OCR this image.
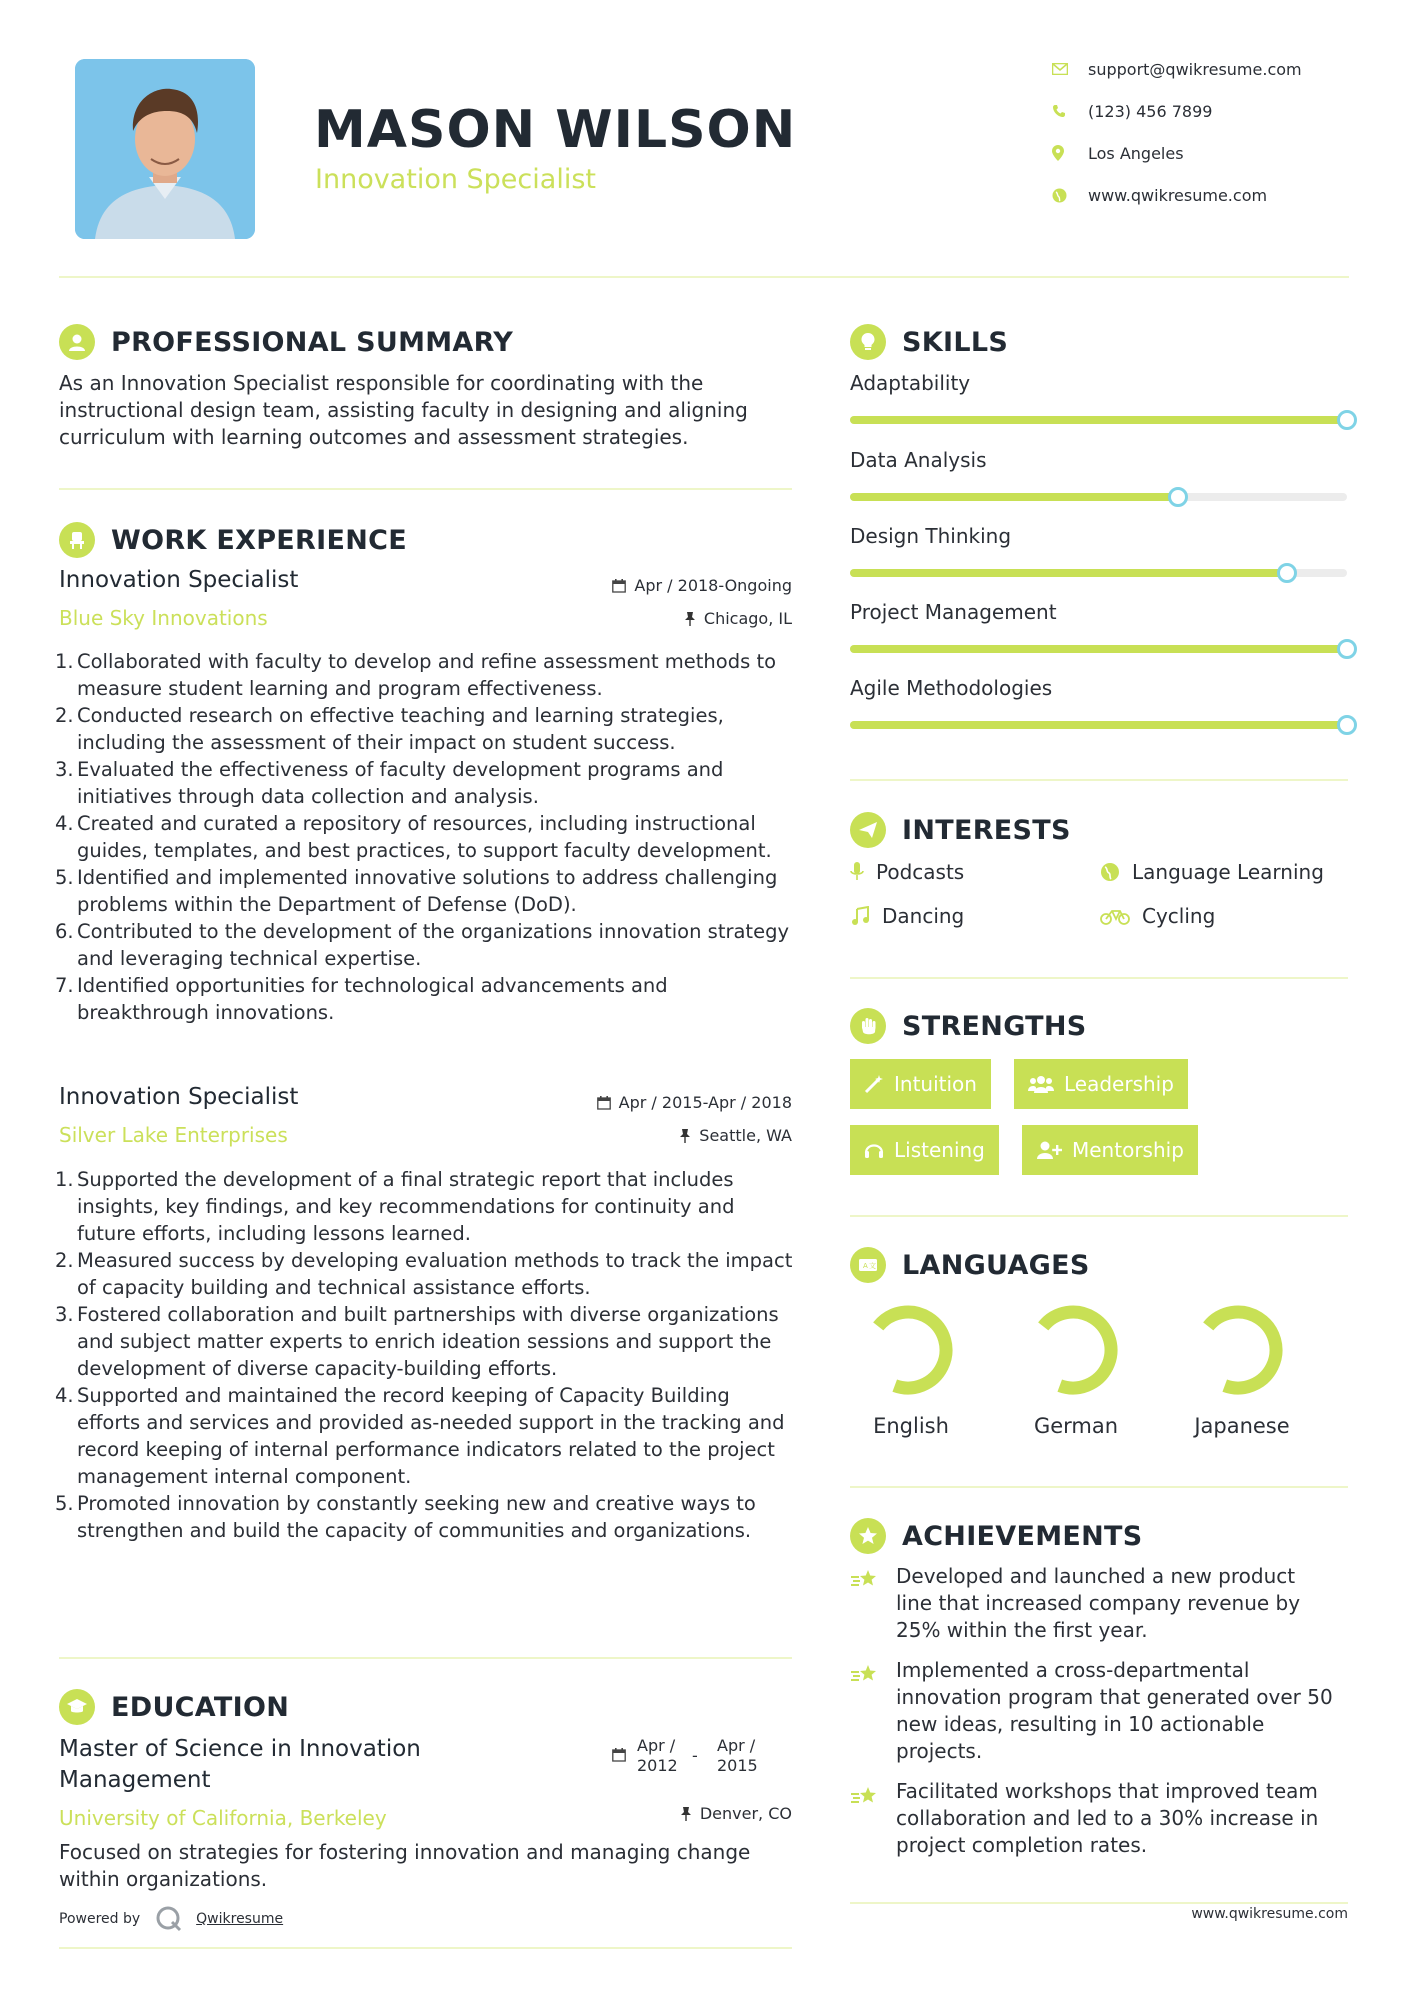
MASON WILSON
Innovation Specialist
support@qwikresume.com
(123) 456 7899
Los Angeles
www.qwikresume.com
PROFESSIONAL SUMMARY
As an Innovation Specialist responsible for coordinating with the instructional design team, assisting faculty in designing and aligning curriculum with learning outcomes and assessment strategies.
WORK EXPERIENCE
Innovation Specialist
Blue Sky Innovations
Apr / 2018-Ongoing
Chicago, IL
Collaborated with faculty to develop and refine assessment methods to measure student learning and program effectiveness.
Conducted research on effective teaching and learning strategies, including the assessment of their impact on student success.
Evaluated the effectiveness of faculty development programs and initiatives through data collection and analysis.
Created and curated a repository of resources, including instructional guides, templates, and best practices, to support faculty development.
Identified and implemented innovative solutions to address challenging problems within the Department of Defense (DoD).
Contributed to the development of the organizations innovation strategy and leveraging technical expertise.
Identified opportunities for technological advancements and breakthrough innovations.
Innovation Specialist
Silver Lake Enterprises
Apr / 2015-Apr / 2018
Seattle, WA
Supported the development of a final strategic report that includes insights, key findings, and key recommendations for continuity and future efforts, including lessons learned.
Measured success by developing evaluation methods to track the impact of capacity building and technical assistance efforts.
Fostered collaboration and built partnerships with diverse organizations and subject matter experts to enrich ideation sessions and support the development of diverse capacity-building efforts.
Supported and maintained the record keeping of Capacity Building efforts and services and provided as-needed support in the tracking and record keeping of internal performance indicators related to the project management internal component.
Promoted innovation by constantly seeking new and creative ways to strengthen and build the capacity of communities and organizations.
EDUCATION
Master of Science in Innovation Management
University of California, Berkeley
Apr /
2012
-
Apr /
2015
Denver, CO
Focused on strategies for fostering innovation and managing change within organizations.
Powered by	Qwikresume
SKILLS
Adaptability
Data Analysis
Design Thinking
Project Management
Agile Methodologies
INTERESTS
Podcasts	Language Learning
Dancing	Cycling
STRENGTHS
Intuition	Leadership
Listening	Mentorship
A 文 LANGUAGES
English	German	Japanese
ACHIEVEMENTS
Developed and launched a new product line that increased company revenue by 25% within the first year.
Implemented a cross-departmental innovation program that generated over 50 new ideas, resulting in 10 actionable projects.
Facilitated workshops that improved team collaboration and led to a 30% increase in project completion rates.
www.qwikresume.com
